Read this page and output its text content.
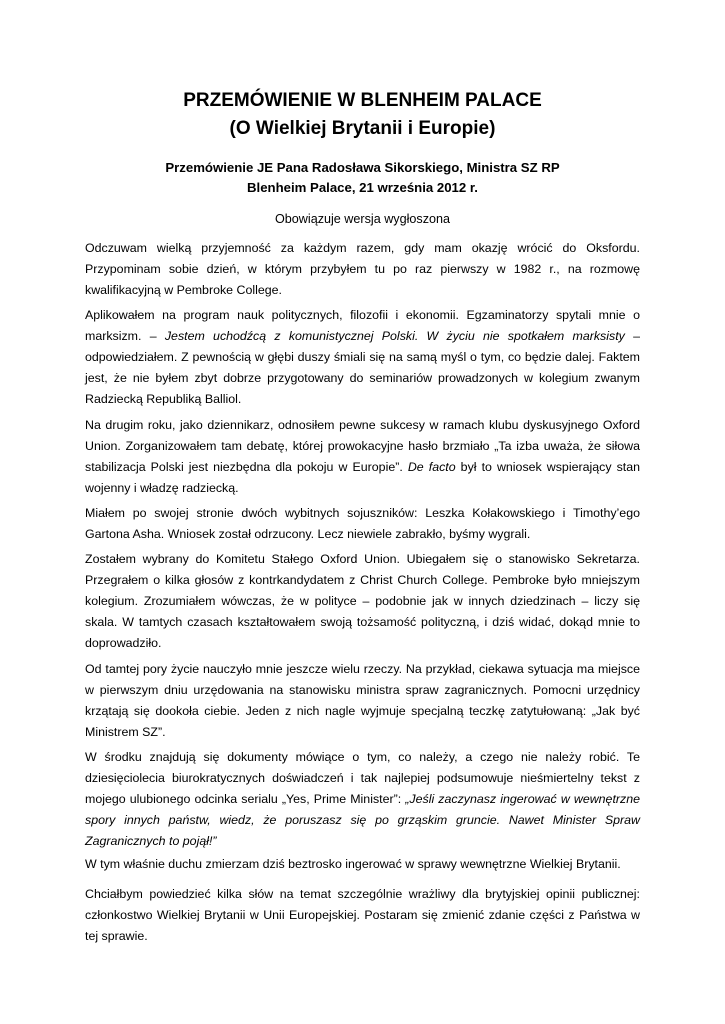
PRZEMÓWIENIE W BLENHEIM PALACE
(O Wielkiej Brytanii i Europie)

Przemówienie JE Pana Radosława Sikorskiego, Ministra SZ RP

Blenheim Palace, 21 września 2012 r.

Obowiązuje wersja wygłoszona

Odczuwam wielką przyjemność za każdym razem, gdy mam okazję wrócić do Oksfordu. Przypominam sobie dzień, w którym przybyłem tu po raz pierwszy w 1982 r., na rozmowę kwalifikacyjną w Pembroke College.

Aplikowałem na program nauk politycznych, filozofii i ekonomii. Egzaminatorzy spytali mnie o marksizm. – Jestem uchodźcą z komunistycznej Polski. W życiu nie spotkałem marksisty – odpowiedziałem. Z pewnością w głębi duszy śmiali się na samą myśl o tym, co będzie dalej. Faktem jest, że nie byłem zbyt dobrze przygotowany do seminariów prowadzonych w kolegium zwanym Radziecką Republiką Balliol.

Na drugim roku, jako dziennikarz, odnosiłem pewne sukcesy w ramach klubu dyskusyjnego Oxford Union. Zorganizowałem tam debatę, której prowokacyjne hasło brzmiało „Ta izba uważa, że siłowa stabilizacja Polski jest niezbędna dla pokoju w Europie”. De facto był to wniosek wspierający stan wojenny i władzę radziecką.

Miałem po swojej stronie dwóch wybitnych sojuszników: Leszka Kołakowskiego i Timothy’ego Gartona Asha. Wniosek został odrzucony. Lecz niewiele zabrakło, byśmy wygrali.

Zostałem wybrany do Komitetu Stałego Oxford Union. Ubiegałem się o stanowisko Sekretarza. Przegrałem o kilka głosów z kontrkandydatem z Christ Church College. Pembroke było mniejszym kolegium. Zrozumiałem wówczas, że w polityce – podobnie jak w innych dziedzinach – liczy się skala. W tamtych czasach kształtowałem swoją tożsamość polityczną, i dziś widać, dokąd mnie to doprowadziło.

Od tamtej pory życie nauczyło mnie jeszcze wielu rzeczy. Na przykład, ciekawa sytuacja ma miejsce w pierwszym dniu urzędowania na stanowisku ministra spraw zagranicznych. Pomocni urzędnicy krzątają się dookoła ciebie. Jeden z nich nagle wyjmuje specjalną teczkę zatytułowaną: „Jak być Ministrem SZ”.

W środku znajdują się dokumenty mówiące o tym, co należy, a czego nie należy robić. Te dziesięciolecia biurokratycznych doświadczeń i tak najlepiej podsumowuje nieśmiertelny tekst z mojego ulubionego odcinka serialu „Yes, Prime Minister”: „Jeśli zaczynasz ingerować w wewnętrzne spory innych państw, wiedz, że poruszasz się po grząskim gruncie. Nawet Minister Spraw Zagranicznych to pojął!”

W tym właśnie duchu zmierzam dziś beztrosko ingerować w sprawy wewnętrzne Wielkiej Brytanii.

Chciałbym powiedzieć kilka słów na temat szczególnie wrażliwy dla brytyjskiej opinii publicznej: członkostwo Wielkiej Brytanii w Unii Europejskiej. Postaram się zmienić zdanie części z Państwa w tej sprawie.
